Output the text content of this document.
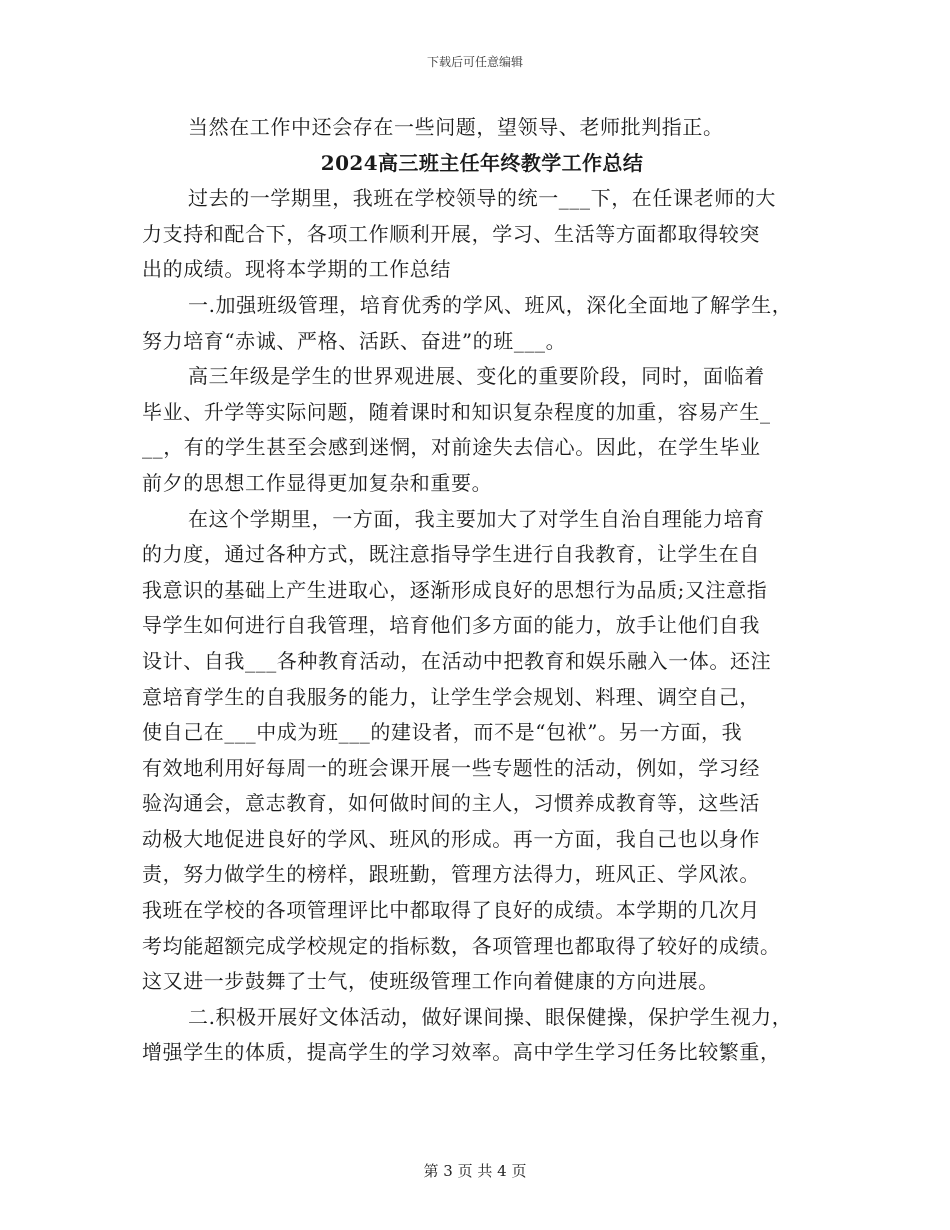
下载后可任意编辑
当然在工作中还会存在一些问题，望领导、老师批判指正。
2024高三班主任年终教学工作总结
过去的一学期里，我班在学校领导的统一___下，在任课老师的大
力支持和配合下，各项工作顺利开展，学习、生活等方面都取得较突
出的成绩。现将本学期的工作总结
一.加强班级管理，培育优秀的学风、班风，深化全面地了解学生，
努力培育“赤诚、严格、活跃、奋进”的班___。
高三年级是学生的世界观进展、变化的重要阶段，同时，面临着
毕业、升学等实际问题，随着课时和知识复杂程度的加重，容易产生_
__，有的学生甚至会感到迷惘，对前途失去信心。因此，在学生毕业
前夕的思想工作显得更加复杂和重要。
在这个学期里，一方面，我主要加大了对学生自治自理能力培育
的力度，通过各种方式，既注意指导学生进行自我教育，让学生在自
我意识的基础上产生进取心，逐渐形成良好的思想行为品质;又注意指
导学生如何进行自我管理，培育他们多方面的能力，放手让他们自我
设计、自我___各种教育活动，在活动中把教育和娱乐融入一体。还注
意培育学生的自我服务的能力，让学生学会规划、料理、调空自己，
使自己在___中成为班___的建设者，而不是“包袱”。另一方面，我
有效地利用好每周一的班会课开展一些专题性的活动，例如，学习经
验沟通会，意志教育，如何做时间的主人，习惯养成教育等，这些活
动极大地促进良好的学风、班风的形成。再一方面，我自己也以身作
责，努力做学生的榜样，跟班勤，管理方法得力，班风正、学风浓。
我班在学校的各项管理评比中都取得了良好的成绩。本学期的几次月
考均能超额完成学校规定的指标数，各项管理也都取得了较好的成绩。
这又进一步鼓舞了士气，使班级管理工作向着健康的方向进展。
二.积极开展好文体活动，做好课间操、眼保健操，保护学生视力，
增强学生的体质，提高学生的学习效率。高中学生学习任务比较繁重，
第 3 页 共 4 页
